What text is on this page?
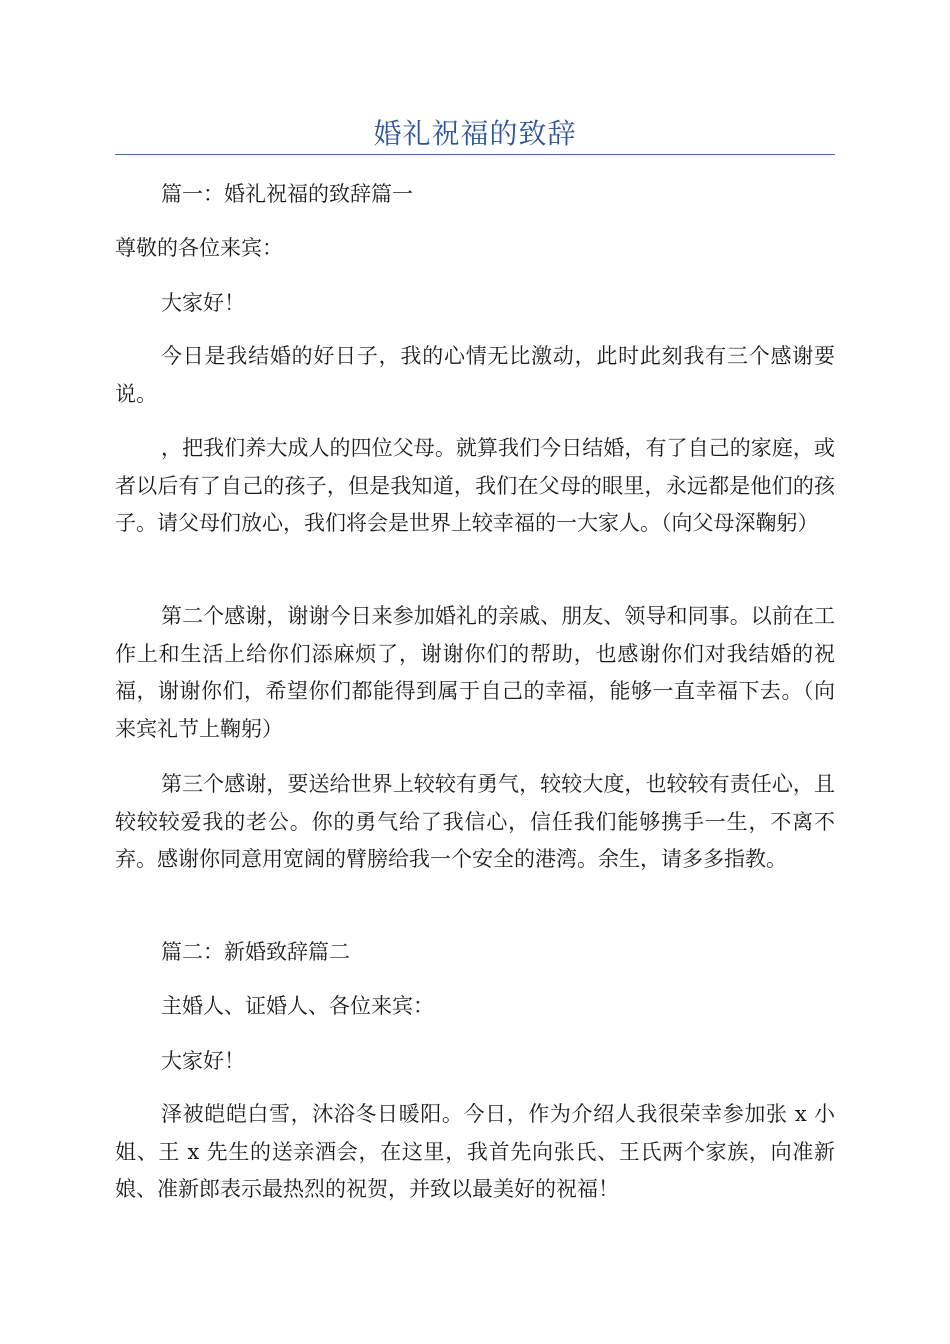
婚礼祝福的致辞

篇一：婚礼祝福的致辞篇一

尊敬的各位来宾：

大家好！

今日是我结婚的好日子，我的心情无比激动，此时此刻我有三个感谢要说。

，把我们养大成人的四位父母。就算我们今日结婚，有了自己的家庭，或者以后有了自己的孩子，但是我知道，我们在父母的眼里，永远都是他们的孩子。请父母们放心，我们将会是世界上较幸福的一大家人。（向父母深鞠躬）

第二个感谢，谢谢今日来参加婚礼的亲戚、朋友、领导和同事。以前在工作上和生活上给你们添麻烦了，谢谢你们的帮助，也感谢你们对我结婚的祝福，谢谢你们，希望你们都能得到属于自己的幸福，能够一直幸福下去。（向来宾礼节上鞠躬）

第三个感谢，要送给世界上较较有勇气，较较大度，也较较有责任心，且较较较爱我的老公。你的勇气给了我信心，信任我们能够携手一生，不离不弃。感谢你同意用宽阔的臂膀给我一个安全的港湾。余生，请多多指教。

篇二：新婚致辞篇二

主婚人、证婚人、各位来宾：

大家好！

泽被皑皑白雪，沐浴冬日暖阳。今日，作为介绍人我很荣幸参加张 x 小姐、王 x 先生的送亲酒会，在这里，我首先向张氏、王氏两个家族，向准新娘、准新郎表示最热烈的祝贺，并致以最美好的祝福！
